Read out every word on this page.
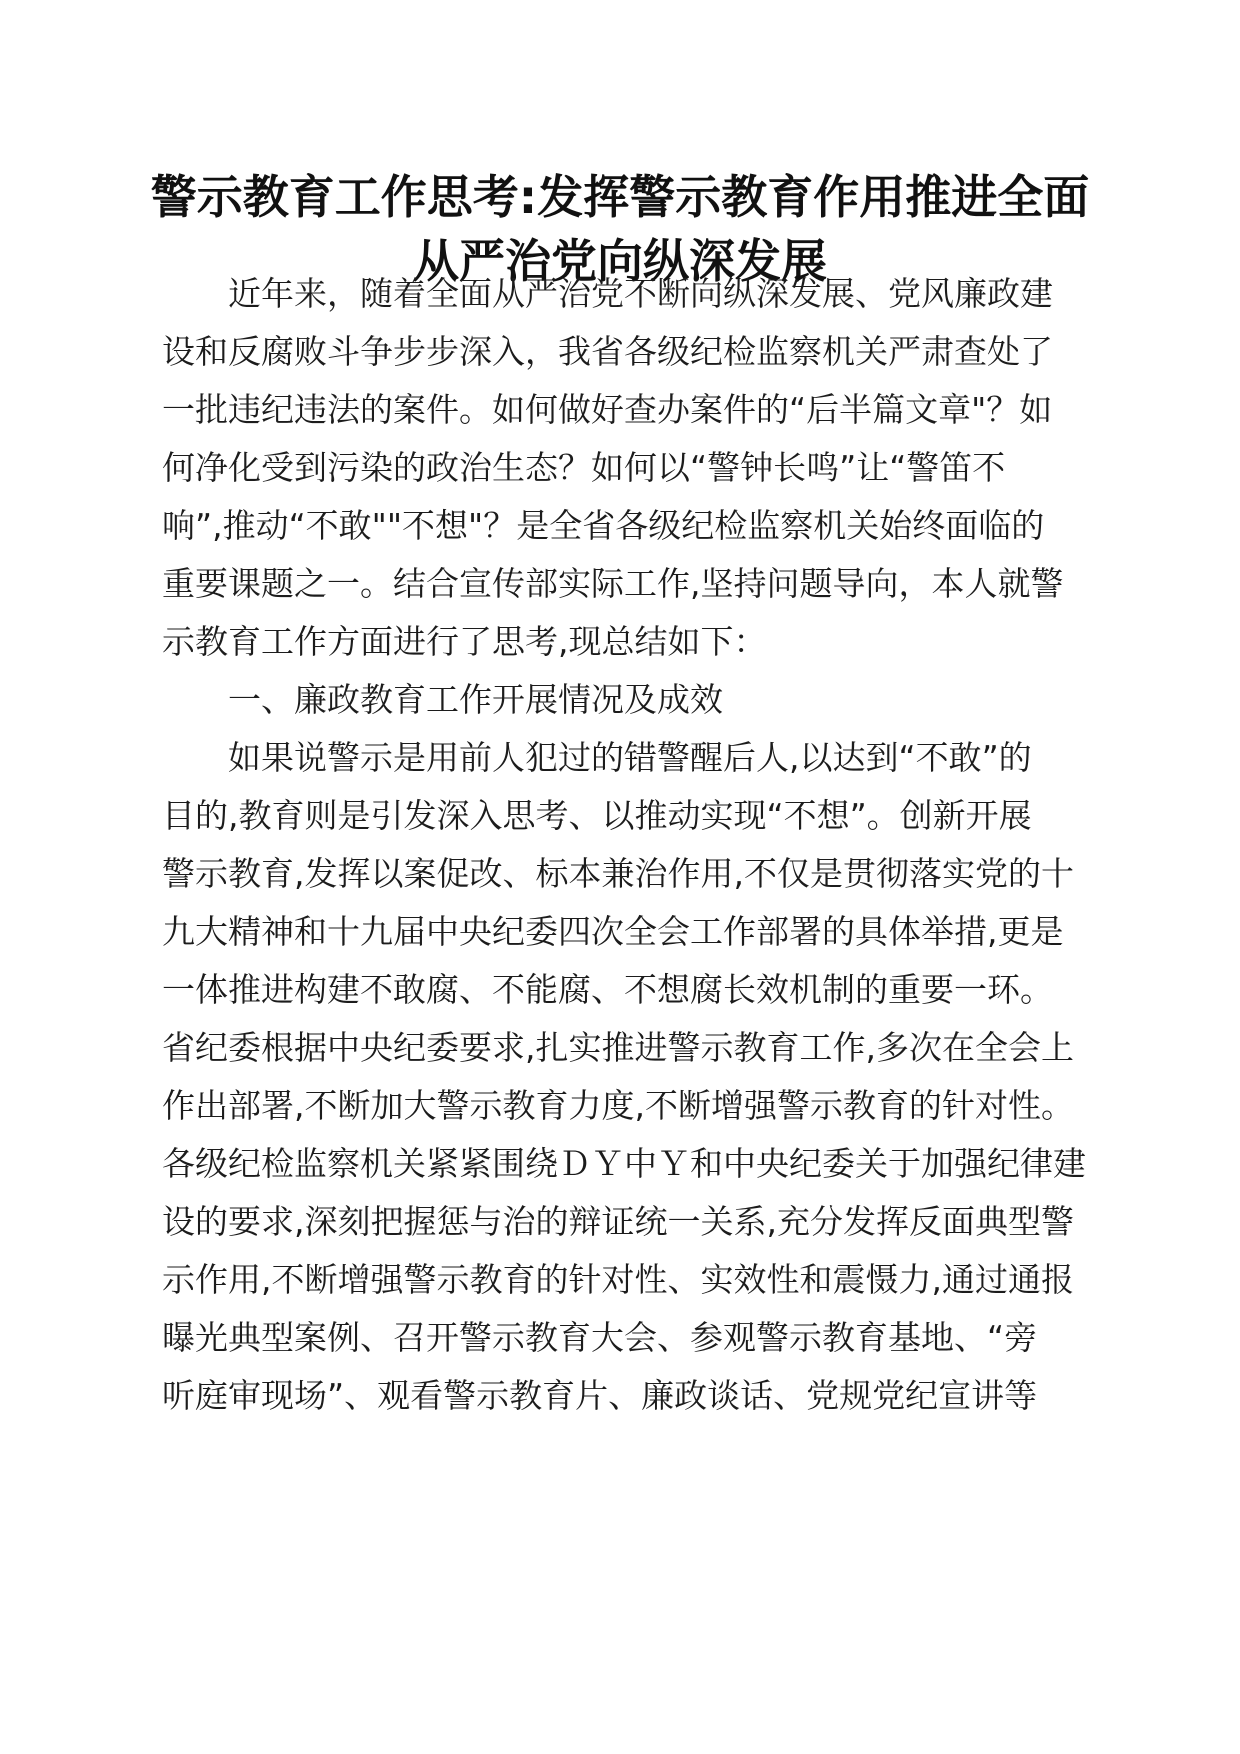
警示教育工作思考:发挥警示教育作用推进全面
从严治党向纵深发展
近年来，随着全面从严治党不断向纵深发展、党风廉政建
设和反腐败斗争步步深入，我省各级纪检监察机关严肃查处了
一批违纪违法的案件。如何做好查办案件的“后半篇文章"？如
何净化受到污染的政治生态？如何以“警钟长鸣”让“警笛不
响”,推动“不敢""不想"？是全省各级纪检监察机关始终面临的
重要课题之一。结合宣传部实际工作,坚持问题导向，本人就警
示教育工作方面进行了思考,现总结如下：
一、廉政教育工作开展情况及成效
如果说警示是用前人犯过的错警醒后人,以达到“不敢”的
目的,教育则是引发深入思考、以推动实现“不想”。创新开展
警示教育,发挥以案促改、标本兼治作用,不仅是贯彻落实党的十
九大精神和十九届中央纪委四次全会工作部署的具体举措,更是
一体推进构建不敢腐、不能腐、不想腐长效机制的重要一环。
省纪委根据中央纪委要求,扎实推进警示教育工作,多次在全会上
作出部署,不断加大警示教育力度,不断增强警示教育的针对性。
各级纪检监察机关紧紧围绕ＤＹ中Ｙ和中央纪委关于加强纪律建
设的要求,深刻把握惩与治的辩证统一关系,充分发挥反面典型警
示作用,不断增强警示教育的针对性、实效性和震慑力,通过通报
曝光典型案例、召开警示教育大会、参观警示教育基地、“旁
听庭审现场”、观看警示教育片、廉政谈话、党规党纪宣讲等
